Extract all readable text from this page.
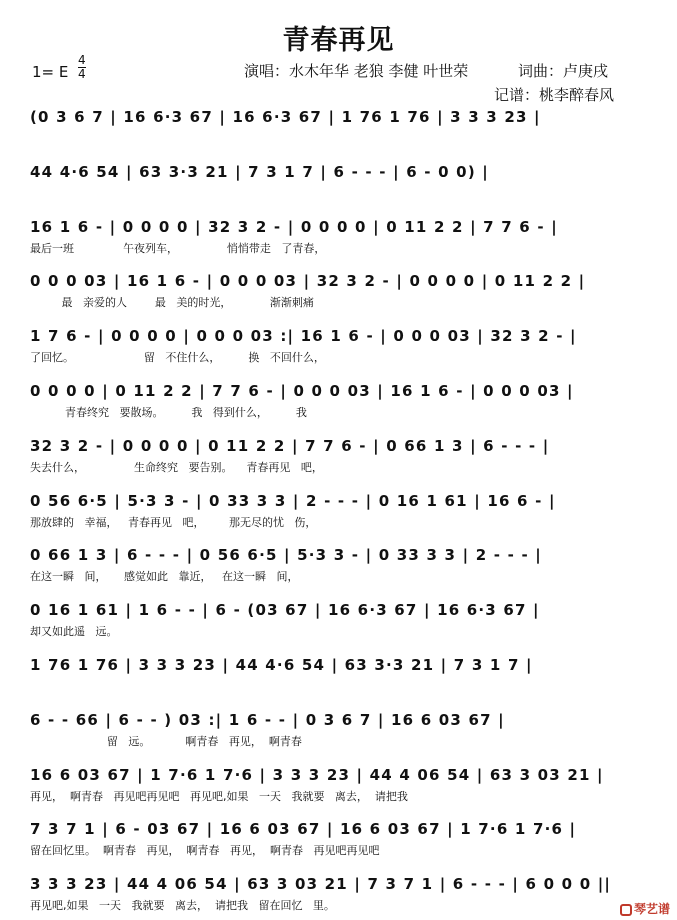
青春再见
1= E
4
4	演唱：水木年华 老狼 李健 叶世荣	词曲：卢庚戌
记谱：桃李醉春风
(0 3 6 7 | 16 6·3 67 | 16 6·3 67 | 1 76 1 76 | 3 3 3 23 |
44 4·6 54 | 63 3·3 21 | 7 3 1 7 | 6 - - - | 6 - 0 0) |
16 1 6 - | 0 0 0 0 | 32 3 2 - | 0 0 0 0 | 0 11 2 2 | 7 7 6 - |
最后一班              午夜列车，              悄悄带走   了青春，
0 0 0 03 | 16 1 6 - | 0 0 0 03 | 32 3 2 - | 0 0 0 0 | 0 11 2 2 |
最   亲爱的人        最   美的时光，           渐渐刺痛
1 7 6 - | 0 0 0 0 | 0 0 0 03 :| 16 1 6 - | 0 0 0 03 | 32 3 2 - |
了回忆。                    留   不住什么，        换   不回什么，
0 0 0 0 | 0 11 2 2 | 7 7 6 - | 0 0 0 03 | 16 1 6 - | 0 0 0 03 |
青春终究   要散场。        我   得到什么，        我
32 3 2 - | 0 0 0 0 | 0 11 2 2 | 7 7 6 - | 0 66 1 3 | 6 - - - |
失去什么，              生命终究   要告别。    青春再见   吧，
0 56 6·5 | 5·3 3 - | 0 33 3 3 | 2 - - - | 0 16 1 61 | 16 6 - |
那放肆的   幸福，   青春再见   吧，       那无尽的忧   伤，
0 66 1 3 | 6 - - - | 0 56 6·5 | 5·3 3 - | 0 33 3 3 | 2 - - - |
在这一瞬   间，     感觉如此   靠近，   在这一瞬   间，
0 16 1 61 | 1 6 - - | 6 - (03 67 | 16 6·3 67 | 16 6·3 67 |
却又如此遥   远。
1 76 1 76 | 3 3 3 23 | 44 4·6 54 | 63 3·3 21 | 7 3 1 7 |
6 - - 66 | 6 - - ) 03 :| 1 6 - - | 0 3 6 7 | 16 6 03 67 |
留   远。          啊青春   再见，  啊青春
16 6 03 67 | 1 7·6 1 7·6 | 3 3 3 23 | 44 4 06 54 | 63 3 03 21 |
再见，  啊青春   再见吧再见吧   再见吧,如果   一天   我就要   离去，  请把我
7 3 7 1 | 6 - 03 67 | 16 6 03 67 | 16 6 03 67 | 1 7·6 1 7·6 |
留在回忆里。  啊青春   再见，  啊青春   再见，  啊青春   再见吧再见吧
3 3 3 23 | 44 4 06 54 | 63 3 03 21 | 7 3 7 1 | 6 - - - | 6 0 0 0 ||
再见吧,如果   一天   我就要   离去，  请把我   留在回忆   里。	琴艺谱
